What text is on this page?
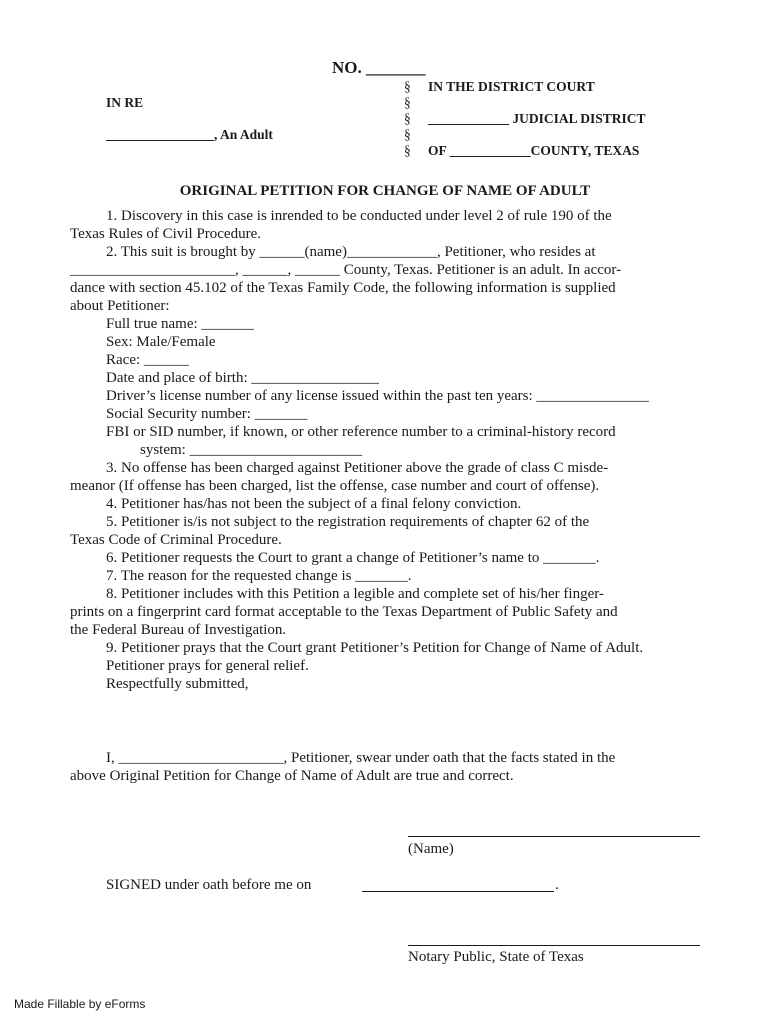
NO. _______
§ IN THE DISTRICT COURT
IN RE	§
§ ____________ JUDICIAL DISTRICT
________________, An Adult	§
§ OF ____________COUNTY, TEXAS
ORIGINAL PETITION FOR CHANGE OF NAME OF ADULT
1. Discovery in this case is inrended to be conducted under level 2 of rule 190 of the
Texas Rules of Civil Procedure.
2. This suit is brought by ______(name)____________, Petitioner, who resides at
______________________, ______, ______ County, Texas. Petitioner is an adult. In accor-
dance with section 45.102 of the Texas Family Code, the following information is supplied
about Petitioner:
Full true name: _______
Sex: Male/Female
Race: ______
Date and place of birth: _________________
Driver’s license number of any license issued within the past ten years: _______________
Social Security number: _______
FBI or SID number, if known, or other reference number to a criminal-history record
system: _______________________
3. No offense has been charged against Petitioner above the grade of class C misde-
meanor (If offense has been charged, list the offense, case number and court of offense).
4. Petitioner has/has not been the subject of a final felony conviction.
5. Petitioner is/is not subject to the registration requirements of chapter 62 of the
Texas Code of Criminal Procedure.
6. Petitioner requests the Court to grant a change of Petitioner’s name to _______.
7. The reason for the requested change is _______.
8. Petitioner includes with this Petition a legible and complete set of his/her finger-
prints on a fingerprint card format acceptable to the Texas Department of Public Safety and
the Federal Bureau of Investigation.
9. Petitioner prays that the Court grant Petitioner’s Petition for Change of Name of Adult.
Petitioner prays for general relief.
Respectfully submitted,
I, ______________________, Petitioner, swear under oath that the facts stated in the
above Original Petition for Change of Name of Adult are true and correct.
(Name)
SIGNED under oath before me on	.
Notary Public, State of Texas
Made Fillable by eForms
